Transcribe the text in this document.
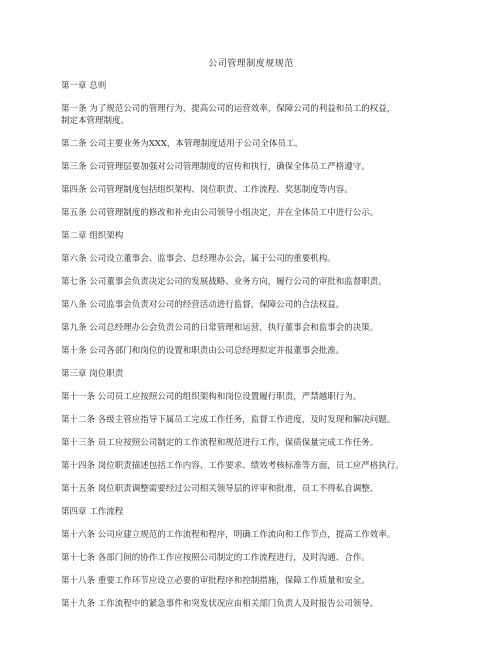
公司管理制度规规范
第一章 总则
第一条 为了规范公司的管理行为，提高公司的运营效率，保障公司的利益和员工的权益，
制定本管理制度。
第二条 公司主要业务为XXX，本管理制度适用于公司全体员工。
第三条 公司管理层要加强对公司管理制度的宣传和执行，确保全体员工严格遵守。
第四条 公司管理制度包括组织架构、岗位职责、工作流程、奖惩制度等内容。
第五条 公司管理制度的修改和补充由公司领导小组决定，并在全体员工中进行公示。
第二章 组织架构
第六条 公司设立董事会、监事会、总经理办公会，属于公司的重要机构。
第七条 公司董事会负责决定公司的发展战略、业务方向，履行公司的审批和监督职责。
第八条 公司监事会负责对公司的经营活动进行监督，保障公司的合法权益。
第九条 公司总经理办公会负责公司的日常管理和运营，执行董事会和监事会的决策。
第十条 公司各部门和岗位的设置和职责由公司总经理拟定并报董事会批准。
第三章 岗位职责
第十一条 公司员工应按照公司的组织架构和岗位设置履行职责，严禁越职行为。
第十二条 各级主管应指导下属员工完成工作任务，监督工作进度，及时发现和解决问题。
第十三条 员工应按照公司制定的工作流程和规范进行工作，保质保量完成工作任务。
第十四条 岗位职责描述包括工作内容、工作要求、绩效考核标准等方面，员工应严格执行。
第十五条 岗位职责调整需要经过公司相关领导层的评审和批准，员工不得私自调整。
第四章 工作流程
第十六条 公司应建立规范的工作流程和程序，明确工作流向和工作节点，提高工作效率。
第十七条 各部门间的协作工作应按照公司制定的工作流程进行，及时沟通、合作。
第十八条 重要工作环节应设立必要的审批程序和控制措施，保障工作质量和安全。
第十九条 工作流程中的紧急事件和突发状况应由相关部门负责人及时报告公司领导。
